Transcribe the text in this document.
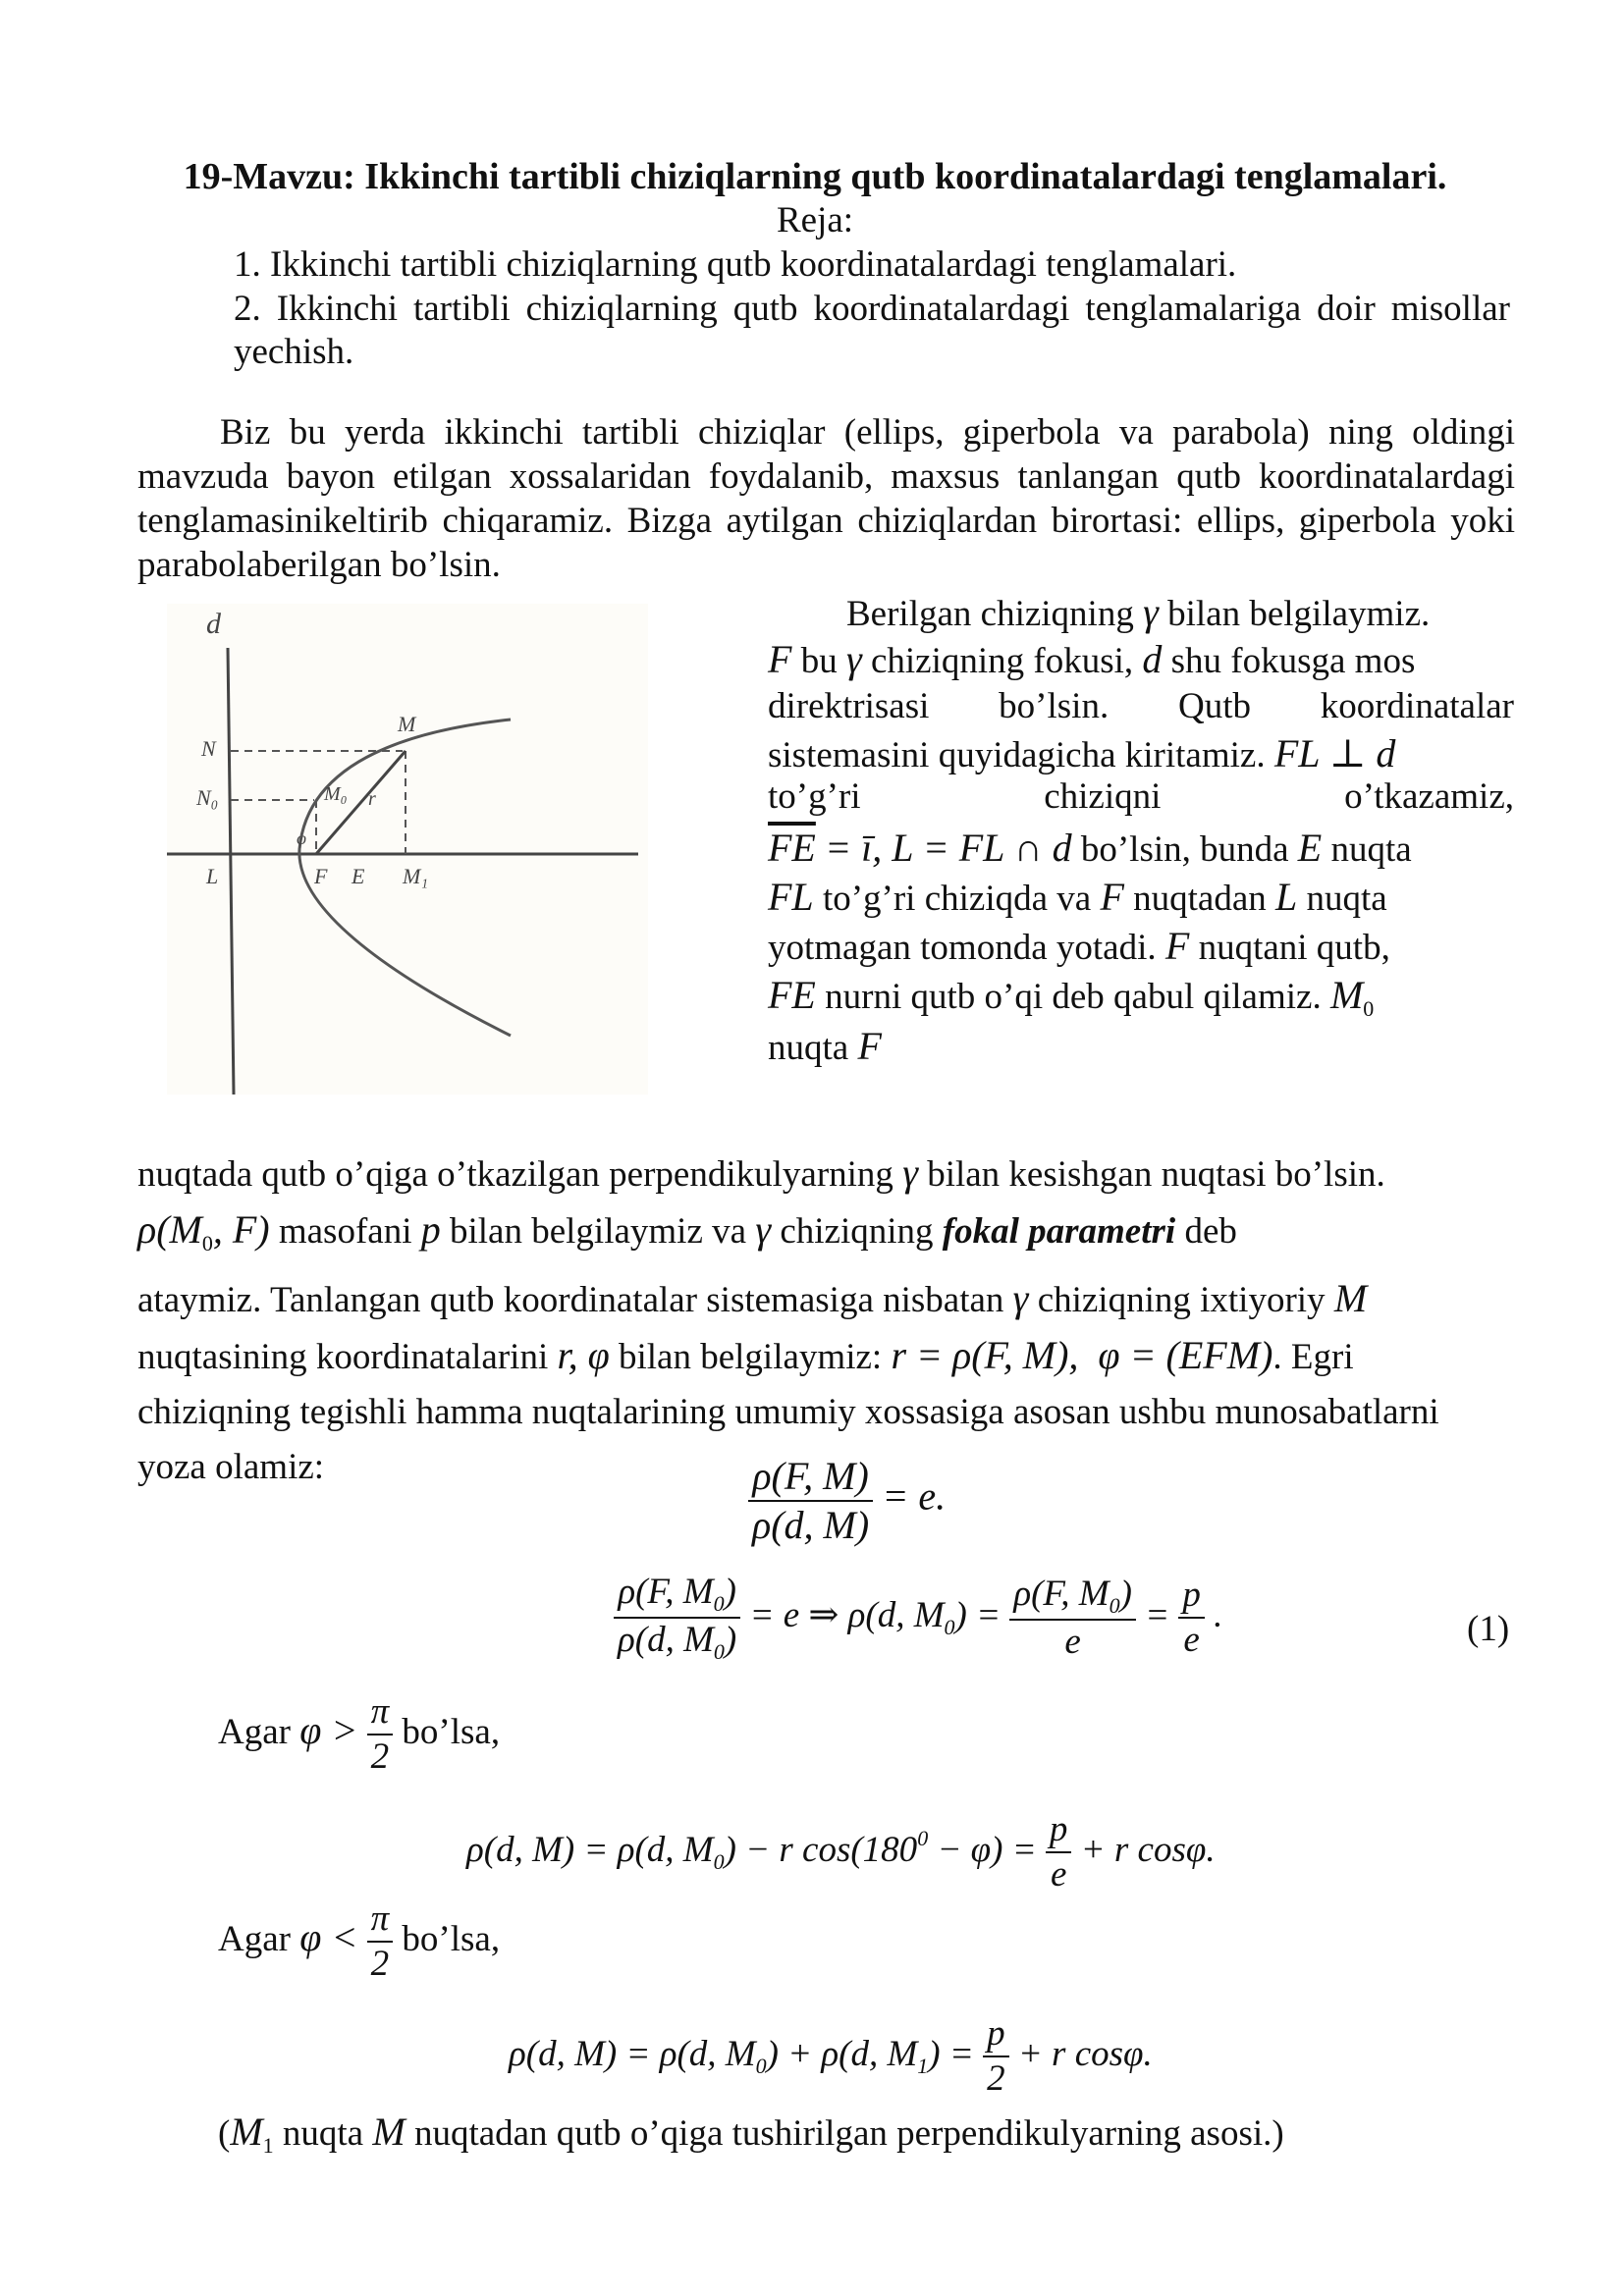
19-Mavzu: Ikkinchi tartibli chiziqlarning qutb koordinatalardagi tenglamalari.
Reja:
1. Ikkinchi tartibli chiziqlarning qutb koordinatalardagi tenglamalari.
2. Ikkinchi tartibli chiziqlarning qutb koordinatalardagi tenglamalariga doir misollar yechish.
Biz bu yerda ikkinchi tartibli chiziqlar (ellips, giperbola va parabola) ning oldingi mavzuda bayon etilgan xossalaridan foydalanib, maxsus tanlangan qutb koordinatalardagi tenglamasinikeltirib chiqaramiz. Bizga aytilgan chiziqlardan birortasi: ellips, giperbola yoki parabolaberilgan bo’lsin.
d
N
N₀
L
M
M₀ r
φ
F E M₁
Berilgan chiziqning γ bilan belgilaymiz.
F bu γ chiziqning fokusi, d shu fokusga mos
direktrisasi bo’lsin. Qutb koordinatalar
sistemasini quyidagicha kiritamiz. FL ⊥ d
to’g’ri	chiziqni	o’tkazamiz,
$\overline{FE}$ = ī, L = FL ∩ d bo’lsin, bunda E nuqta
FL to’g’ri chiziqda va F nuqtadan L nuqta
yotmagan tomonda yotadi. F nuqtani qutb,
FE nurni qutb o’qi deb qabul qilamiz. $M_0$
nuqta F
nuqtada qutb o’qiga o’tkazilgan perpendikulyarning γ bilan kesishgan nuqtasi bo’lsin.
$\rho(M_0$, F) masofani p bilan belgilaymiz va γ chiziqning fokal parametri deb
ataymiz. Tanlangan qutb koordinatalar sistemasiga nisbatan γ chiziqning ixtiyoriy M
nuqtasining koordinatalarini r, φ bilan belgilaymiz: r = ρ(F, M),  φ = (EFM). Egri
chiziqning tegishli hamma nuqtalarining umumiy xossasiga asosan ushbu munosabatlarni
yoza olamiz:	$\frac{\rho(F, M)}{\rho(d, M)} = e$.
$\frac{\rho(F, M_0)}{\rho(d, M_0)} = e$ ⇒ ρ(d, $M_0) = \frac{\rho(F, M_0)}{e} = \frac{p}{e}$ .	(1)
Agar $\varphi > \frac{\pi}{2}$ bo’lsa,
ρ(d, M) = ρ(d, $M_0) - r$ $\cos(180^0 - \varphi) = \frac{p}{e} + r$ cosφ.
Agar $\varphi < \frac{\pi}{2}$ bo’lsa,
ρ(d, M) = ρ(d, $M_0) + \rho(d$, $M_1) = \frac{p}{2} + r$ cosφ.
($M_1$ nuqta M nuqtadan qutb o’qiga tushirilgan perpendikulyarning asosi.)
